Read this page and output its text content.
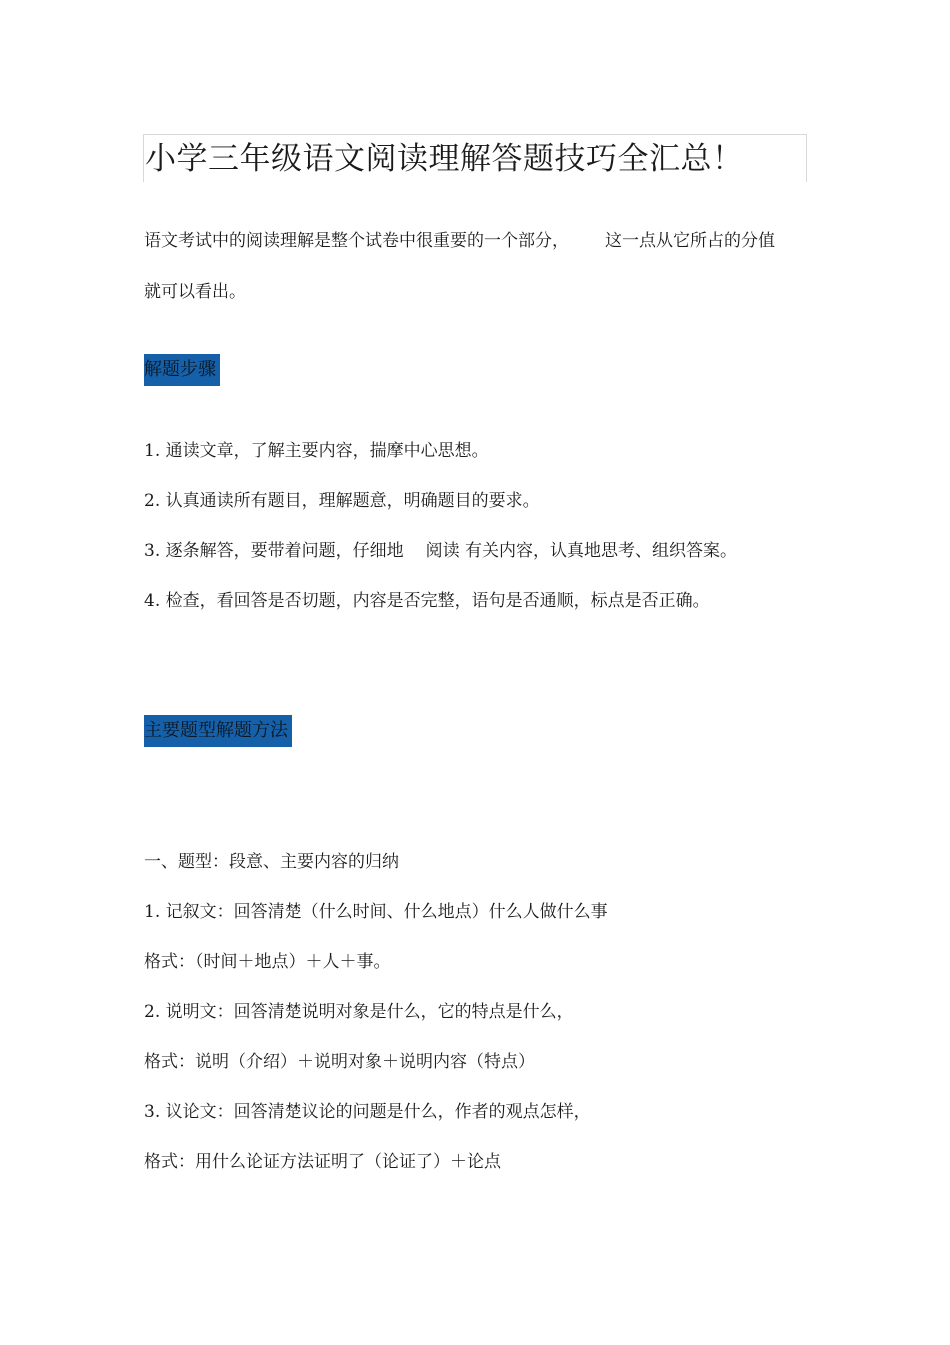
小学三年级语文阅读理解答题技巧全汇总！

语文考试中的阅读理解是整个试卷中很重要的一个部分， 这一点从它所占的分值

就可以看出。

解题步骤

1. 通读文章，了解主要内容，揣摩中心思想。

2. 认真通读所有题目，理解题意，明确题目的要求。

3. 逐条解答，要带着问题，仔细地 阅读 有关内容，认真地思考、组织答案。

4. 检查，看回答是否切题，内容是否完整，语句是否通顺，标点是否正确。

主要题型解题方法

一、题型：段意、主要内容的归纳

1. 记叙文：回答清楚（什么时间、什么地点）什么人做什么事

格式：（时间＋地点）＋人＋事。

2. 说明文：回答清楚说明对象是什么，它的特点是什么，

格式：说明（介绍）＋说明对象＋说明内容（特点）

3. 议论文：回答清楚议论的问题是什么，作者的观点怎样，

格式：用什么论证方法证明了（论证了）＋论点
